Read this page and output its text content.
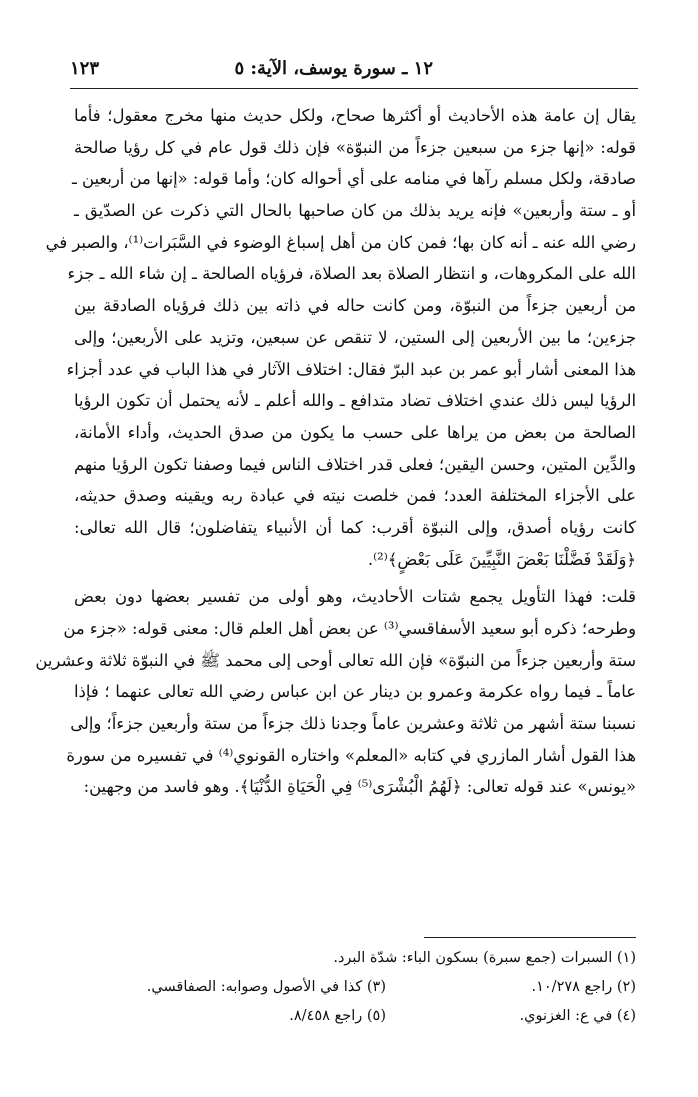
١٢ ـ سورة يوسف، الآية: ٥
١٢٣
يقال إن عامة هذه الأحاديث أو أكثرها صحاح، ولكل حديث منها مخرج معقول؛ فأما
قوله: «إنها جزء من سبعين جزءاً من النبوّة» فإن ذلك قول عام في كل رؤيا صالحة
صادقة، ولكل مسلم رآها في منامه على أي أحواله كان؛ وأما قوله: «إنها من أربعين ـ
أو ـ ستة وأربعين» فإنه يريد بذلك من كان صاحبها بالحال التي ذكرت عن الصدّيق ـ
رضي الله عنه ـ أنه كان بها؛ فمن كان من أهل إسباغ الوضوء في السَّبَرات⁽¹⁾، والصبر في
الله على المكروهات، و انتظار الصلاة بعد الصلاة، فرؤياه الصالحة ـ إن شاء الله ـ جزء
من أربعين جزءاً من النبوّة، ومن كانت حاله في ذاته بين ذلك فرؤياه الصادقة بين
جزءين؛ ما بين الأربعين إلى الستين، لا تنقص عن سبعين، وتزيد على الأربعين؛ وإلى
هذا المعنى أشار أبو عمر بن عبد البرّ فقال: اختلاف الآثار في هذا الباب في عدد أجزاء
الرؤيا ليس ذلك عندي اختلاف تضاد متدافع ـ والله أعلم ـ لأنه يحتمل أن تكون الرؤيا
الصالحة من بعض من يراها على حسب ما يكون من صدق الحديث، وأداء الأمانة،
والدِّين المتين، وحسن اليقين؛ فعلى قدر اختلاف الناس فيما وصفنا تكون الرؤيا منهم
على الأجزاء المختلفة العدد؛ فمن خلصت نيته في عبادة ربه ويقينه وصدق حديثه،
كانت رؤياه أصدق، وإلى النبوّة أقرب: كما أن الأنبياء يتفاضلون؛ قال الله تعالى:
﴿وَلَقَدْ فَضَّلْنَا بَعْضَ النَّبِيِّينَ عَلَى بَعْضٍ﴾⁽²⁾.
قلت: فهذا التأويل يجمع شتات الأحاديث، وهو أولى من تفسير بعضها دون بعض
وطرحه؛ ذكره أبو سعيد الأسفاقسي⁽³⁾ عن بعض أهل العلم قال: معنى قوله: «جزء من
ستة وأربعين جزءاً من النبوّة» فإن الله تعالى أوحى إلى محمد ﷺ في النبوّة ثلاثة وعشرين
عاماً ـ فيما رواه عكرمة وعمرو بن دينار عن ابن عباس رضي الله تعالى عنهما ؛ فإذا
نسبنا ستة أشهر من ثلاثة وعشرين عاماً وجدنا ذلك جزءاً من ستة وأربعين جزءاً؛ وإلى
هذا القول أشار المازري في كتابه «المعلم» واختاره القونوي⁽⁴⁾ في تفسيره من سورة
«يونس» عند قوله تعالى: ﴿لَهُمُ الْبُشْرَى⁽⁵⁾ فِي الْحَيَاةِ الدُّنْيَا﴾. وهو فاسد من وجهين:
(١) السبرات (جمع سبرة) بسكون الباء: شدّة البرد.
(٢) راجع ١٠/٢٧٨.
(٣) كذا في الأصول وصوابه: الصفاقسي.
(٤) في ع: الغزنوي.
(٥) راجع ٨/٤٥٨.
